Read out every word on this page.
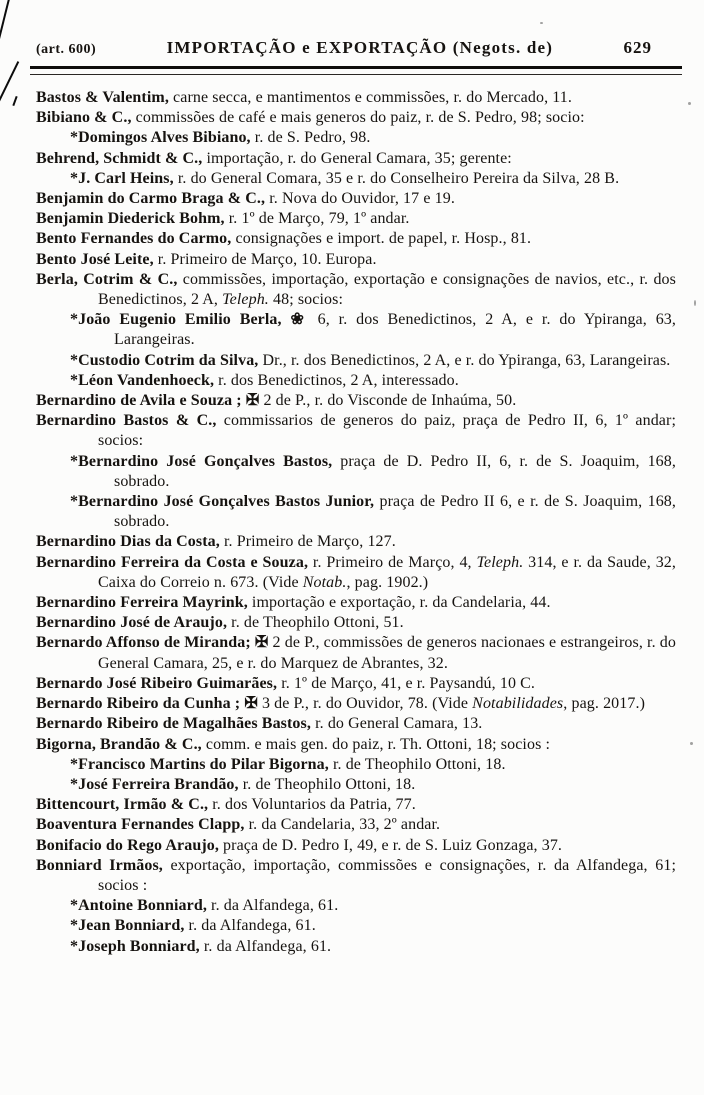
(art. 600)	IMPORTAÇÃO e EXPORTAÇÃO (Negots. de)	629

Bastos & Valentim, carne secca, e mantimentos e commissões, r. do Mercado, 11.

Bibiano & C., commissões de café e mais generos do paiz, r. de S. Pedro, 98; socio:

*Domingos Alves Bibiano, r. de S. Pedro, 98.

Behrend, Schmidt & C., importação, r. do General Camara, 35; gerente:

*J. Carl Heins, r. do General Comara, 35 e r. do Conselheiro Pereira da Silva, 28 B.

Benjamin do Carmo Braga & C., r. Nova do Ouvidor, 17 e 19.

Benjamin Diederick Bohm, r. 1º de Março, 79, 1º andar.

Bento Fernandes do Carmo, consignações e import. de papel, r. Hosp., 81.

Bento José Leite, r. Primeiro de Março, 10. Europa.

Berla, Cotrim & C., commissões, importação, exportação e consignações de navios, etc., r. dos Benedictinos, 2 A, Teleph. 48; socios:

*João Eugenio Emilio Berla, ❀ 6, r. dos Benedictinos, 2 A, e r. do Ypiranga, 63, Larangeiras.

*Custodio Cotrim da Silva, Dr., r. dos Benedictinos, 2 A, e r. do Ypiranga, 63, Larangeiras.

*Léon Vandenhoeck, r. dos Benedictinos, 2 A, interessado.

Bernardino de Avila e Souza ; ✠ 2 de P., r. do Visconde de Inhaúma, 50.

Bernardino Bastos & C., commissarios de generos do paiz, praça de Pedro II, 6, 1º andar; socios:

*Bernardino José Gonçalves Bastos, praça de D. Pedro II, 6, r. de S. Joaquim, 168, sobrado.

*Bernardino José Gonçalves Bastos Junior, praça de Pedro II 6, e r. de S. Joaquim, 168, sobrado.

Bernardino Dias da Costa, r. Primeiro de Março, 127.

Bernardino Ferreira da Costa e Souza, r. Primeiro de Março, 4, Teleph. 314, e r. da Saude, 32, Caixa do Correio n. 673. (Vide Notab., pag. 1902.)

Bernardino Ferreira Mayrink, importação e exportação, r. da Candelaria, 44.

Bernardino José de Araujo, r. de Theophilo Ottoni, 51.

Bernardo Affonso de Miranda; ✠ 2 de P., commissões de generos nacionaes e estrangeiros, r. do General Camara, 25, e r. do Marquez de Abrantes, 32.

Bernardo José Ribeiro Guimarães, r. 1º de Março, 41, e r. Paysandú, 10 C.

Bernardo Ribeiro da Cunha ; ✠ 3 de P., r. do Ouvidor, 78. (Vide Notabilidades, pag. 2017.)

Bernardo Ribeiro de Magalhães Bastos, r. do General Camara, 13.

Bigorna, Brandão & C., comm. e mais gen. do paiz, r. Th. Ottoni, 18; socios :

*Francisco Martins do Pilar Bigorna, r. de Theophilo Ottoni, 18.

*José Ferreira Brandão, r. de Theophilo Ottoni, 18.

Bittencourt, Irmão & C., r. dos Voluntarios da Patria, 77.

Boaventura Fernandes Clapp, r. da Candelaria, 33, 2º andar.

Bonifacio do Rego Araujo, praça de D. Pedro I, 49, e r. de S. Luiz Gonzaga, 37.

Bonniard Irmãos, exportação, importação, commissões e consignações, r. da Alfandega, 61; socios :

*Antoine Bonniard, r. da Alfandega, 61.

*Jean Bonniard, r. da Alfandega, 61.

*Joseph Bonniard, r. da Alfandega, 61.
